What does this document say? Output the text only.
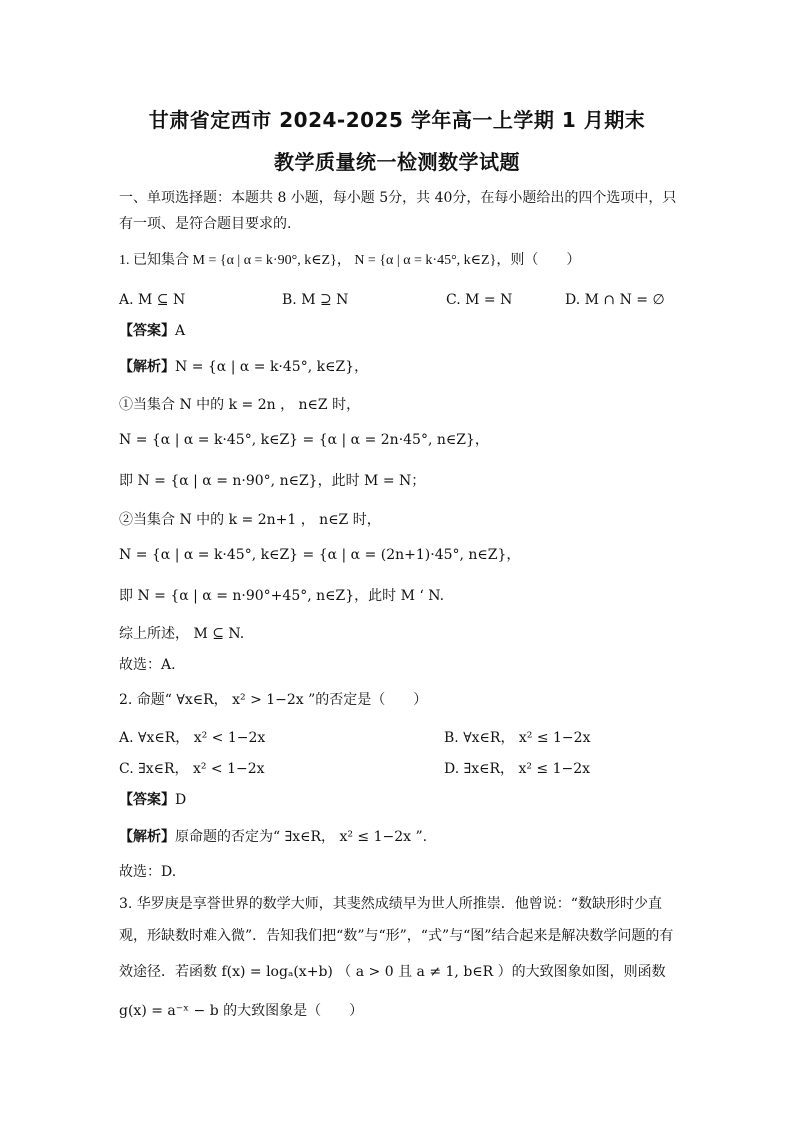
甘肃省定西市 2024-2025 学年高一上学期 1 月期末
教学质量统一检测数学试题
一、单项选择题：本题共 8 小题，每小题 5分，共 40分，在每小题给出的四个选项中，只
有一项、是符合题目要求的.
1. 已知集合 M = {α | α = k·90°, k∈Z}， N = {α | α = k·45°, k∈Z}，则（　　）
A. M ⊆ N	B. M ⊇ N	C. M = N	D. M ∩ N = ∅
【答案】A
【解析】N = {α | α = k·45°, k∈Z}，
①当集合 N 中的 k = 2n ， n∈Z 时，
N = {α | α = k·45°, k∈Z} = {α | α = 2n·45°, n∈Z}，
即 N = {α | α = n·90°, n∈Z}，此时 M = N；
②当集合 N 中的 k = 2n+1 ， n∈Z 时，
N = {α | α = k·45°, k∈Z} = {α | α = (2n+1)·45°, n∈Z}，
即 N = {α | α = n·90°+45°, n∈Z}，此时 M ʻ N.
综上所述， M ⊆ N.
故选：A.
2. 命题“ ∀x∈R， x² > 1−2x ”的否定是（　　）
A. ∀x∈R， x² < 1−2x	B. ∀x∈R， x² ≤ 1−2x
C. ∃x∈R， x² < 1−2x	D. ∃x∈R， x² ≤ 1−2x
【答案】D
【解析】原命题的否定为“ ∃x∈R， x² ≤ 1−2x ”.
故选：D.
3. 华罗庚是享誉世界的数学大师，其斐然成绩早为世人所推崇．他曾说：“数缺形时少直
观，形缺数时难入微”．告知我们把“数”与“形”，“式”与“图”结合起来是解决数学问题的有
效途径．若函数 f(x) = logₐ(x+b) （ a > 0 且 a ≠ 1, b∈R ）的大致图象如图，则函数
g(x) = a⁻ˣ − b 的大致图象是（　　）
